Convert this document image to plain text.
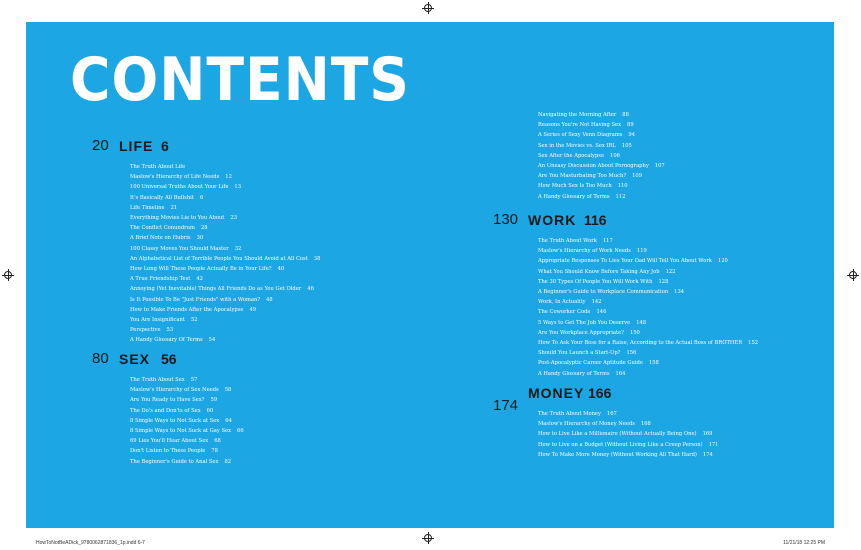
CONTENTS
20 LIFE 6
The Truth About Life
Maslow's Hierarchy of Life Needs 12
100 Universal Truths About Your Life 13
It's Basically All Bullshit 6
Life Timeline 21
Everything Movies Lie to You About 23
The Conflict Conundrum 28
A Brief Note on Hubris 30
100 Classy Moves You Should Master 32
An Alphabetical List of Terrible People You Should Avoid at All Cost 38
How Long Will These People Actually Be in Your Life? 40
A True Friendship Test 42
Annoying (Yet Inevitable) Things All Friends Do as You Get Older 46
Is It Possible To Be "Just Friends" with a Woman? 48
How to Make Friends After the Apocalypse 49
You Are Insignificant 52
Perspective 53
A Handy Glossary Of Terms 54
80 SEX 56
The Truth About Sex 57
Maslow's Hierarchy of Sex Needs 58
Are You Ready to Have Sex? 59
The Do's and Don'ts of Sex 60
8 Simple Ways to Not Suck at Sex 64
8 Simple Ways to Not Suck at Gay Sex 66
69 Lies You'll Hear About Sex 68
Don't Listen to These People 78
The Beginner's Guide to Anal Sex 82
Navigating the Morning After 88
Reasons You're Not Having Sex 89
A Series of Sexy Venn Diagrams 94
Sex in the Movies vs. Sex IRL 105
Sex After the Apocalypse 106
An Uneasy Discussion About Pornography 107
Are You Masturbating Too Much? 109
How Much Sex Is Too Much 110
A Handy Glossary of Terms 112
130 WORK 116
The Truth About Work 117
Maslow's Hierarchy of Work Needs 119
Appropriate Responses To Lies Your Dad Will Tell You About Work 120
What You Should Know Before Taking Any Job 122
The 30 Types Of People You Will Work With 128
A Beginner's Guide to Workplace Communication 134
Work, In Actuality 142
The Coworker Code 146
5 Ways to Get The Job You Deserve 148
Are You Workplace Appropriate? 150
How To Ask Your Boss for a Raise, According to the Actual Boss of BROTHER 152
Should You Launch a Start-Up? 156
Post-Apocalyptic Career Aptitude Guide 158
A Handy Glossary of Terms 164
174
MONEY 166
The Truth About Money 167
Maslow's Hierarchy of Money Needs 168
How to Live Like a Millionaire (Without Actually Being One) 169
How to Live on a Budget (Without Living Like a Creep Person) 171
How To Make More Money (Without Working All That Hard) 174
HowToNotBeADick_9780062871836_1p.indd 6-7	11/21/18 12:25 PM
